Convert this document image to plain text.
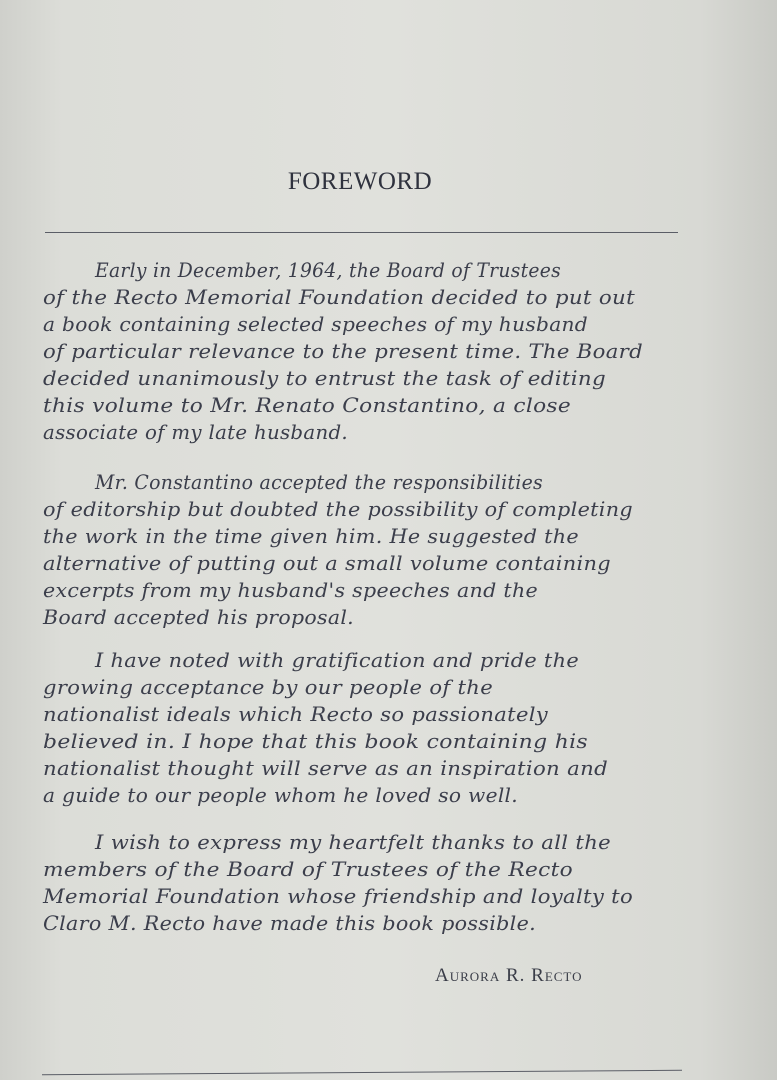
FOREWORD
Early in December, 1964, the Board of Trustees
of the Recto Memorial Foundation decided to put out
a book containing selected speeches of my husband
of particular relevance to the present time. The Board
decided unanimously to entrust the task of editing
this volume to Mr. Renato Constantino, a close
associate of my late husband.
Mr. Constantino accepted the responsibilities
of editorship but doubted the possibility of completing
the work in the time given him. He suggested the
alternative of putting out a small volume containing
excerpts from my husband's speeches and the
Board accepted his proposal.
I have noted with gratification and pride the
growing acceptance by our people of the
nationalist ideals which Recto so passionately
believed in. I hope that this book containing his
nationalist thought will serve as an inspiration and
a guide to our people whom he loved so well.
I wish to express my heartfelt thanks to all the
members of the Board of Trustees of the Recto
Memorial Foundation whose friendship and loyalty to
Claro M. Recto have made this book possible.
Aurora R. Recto
